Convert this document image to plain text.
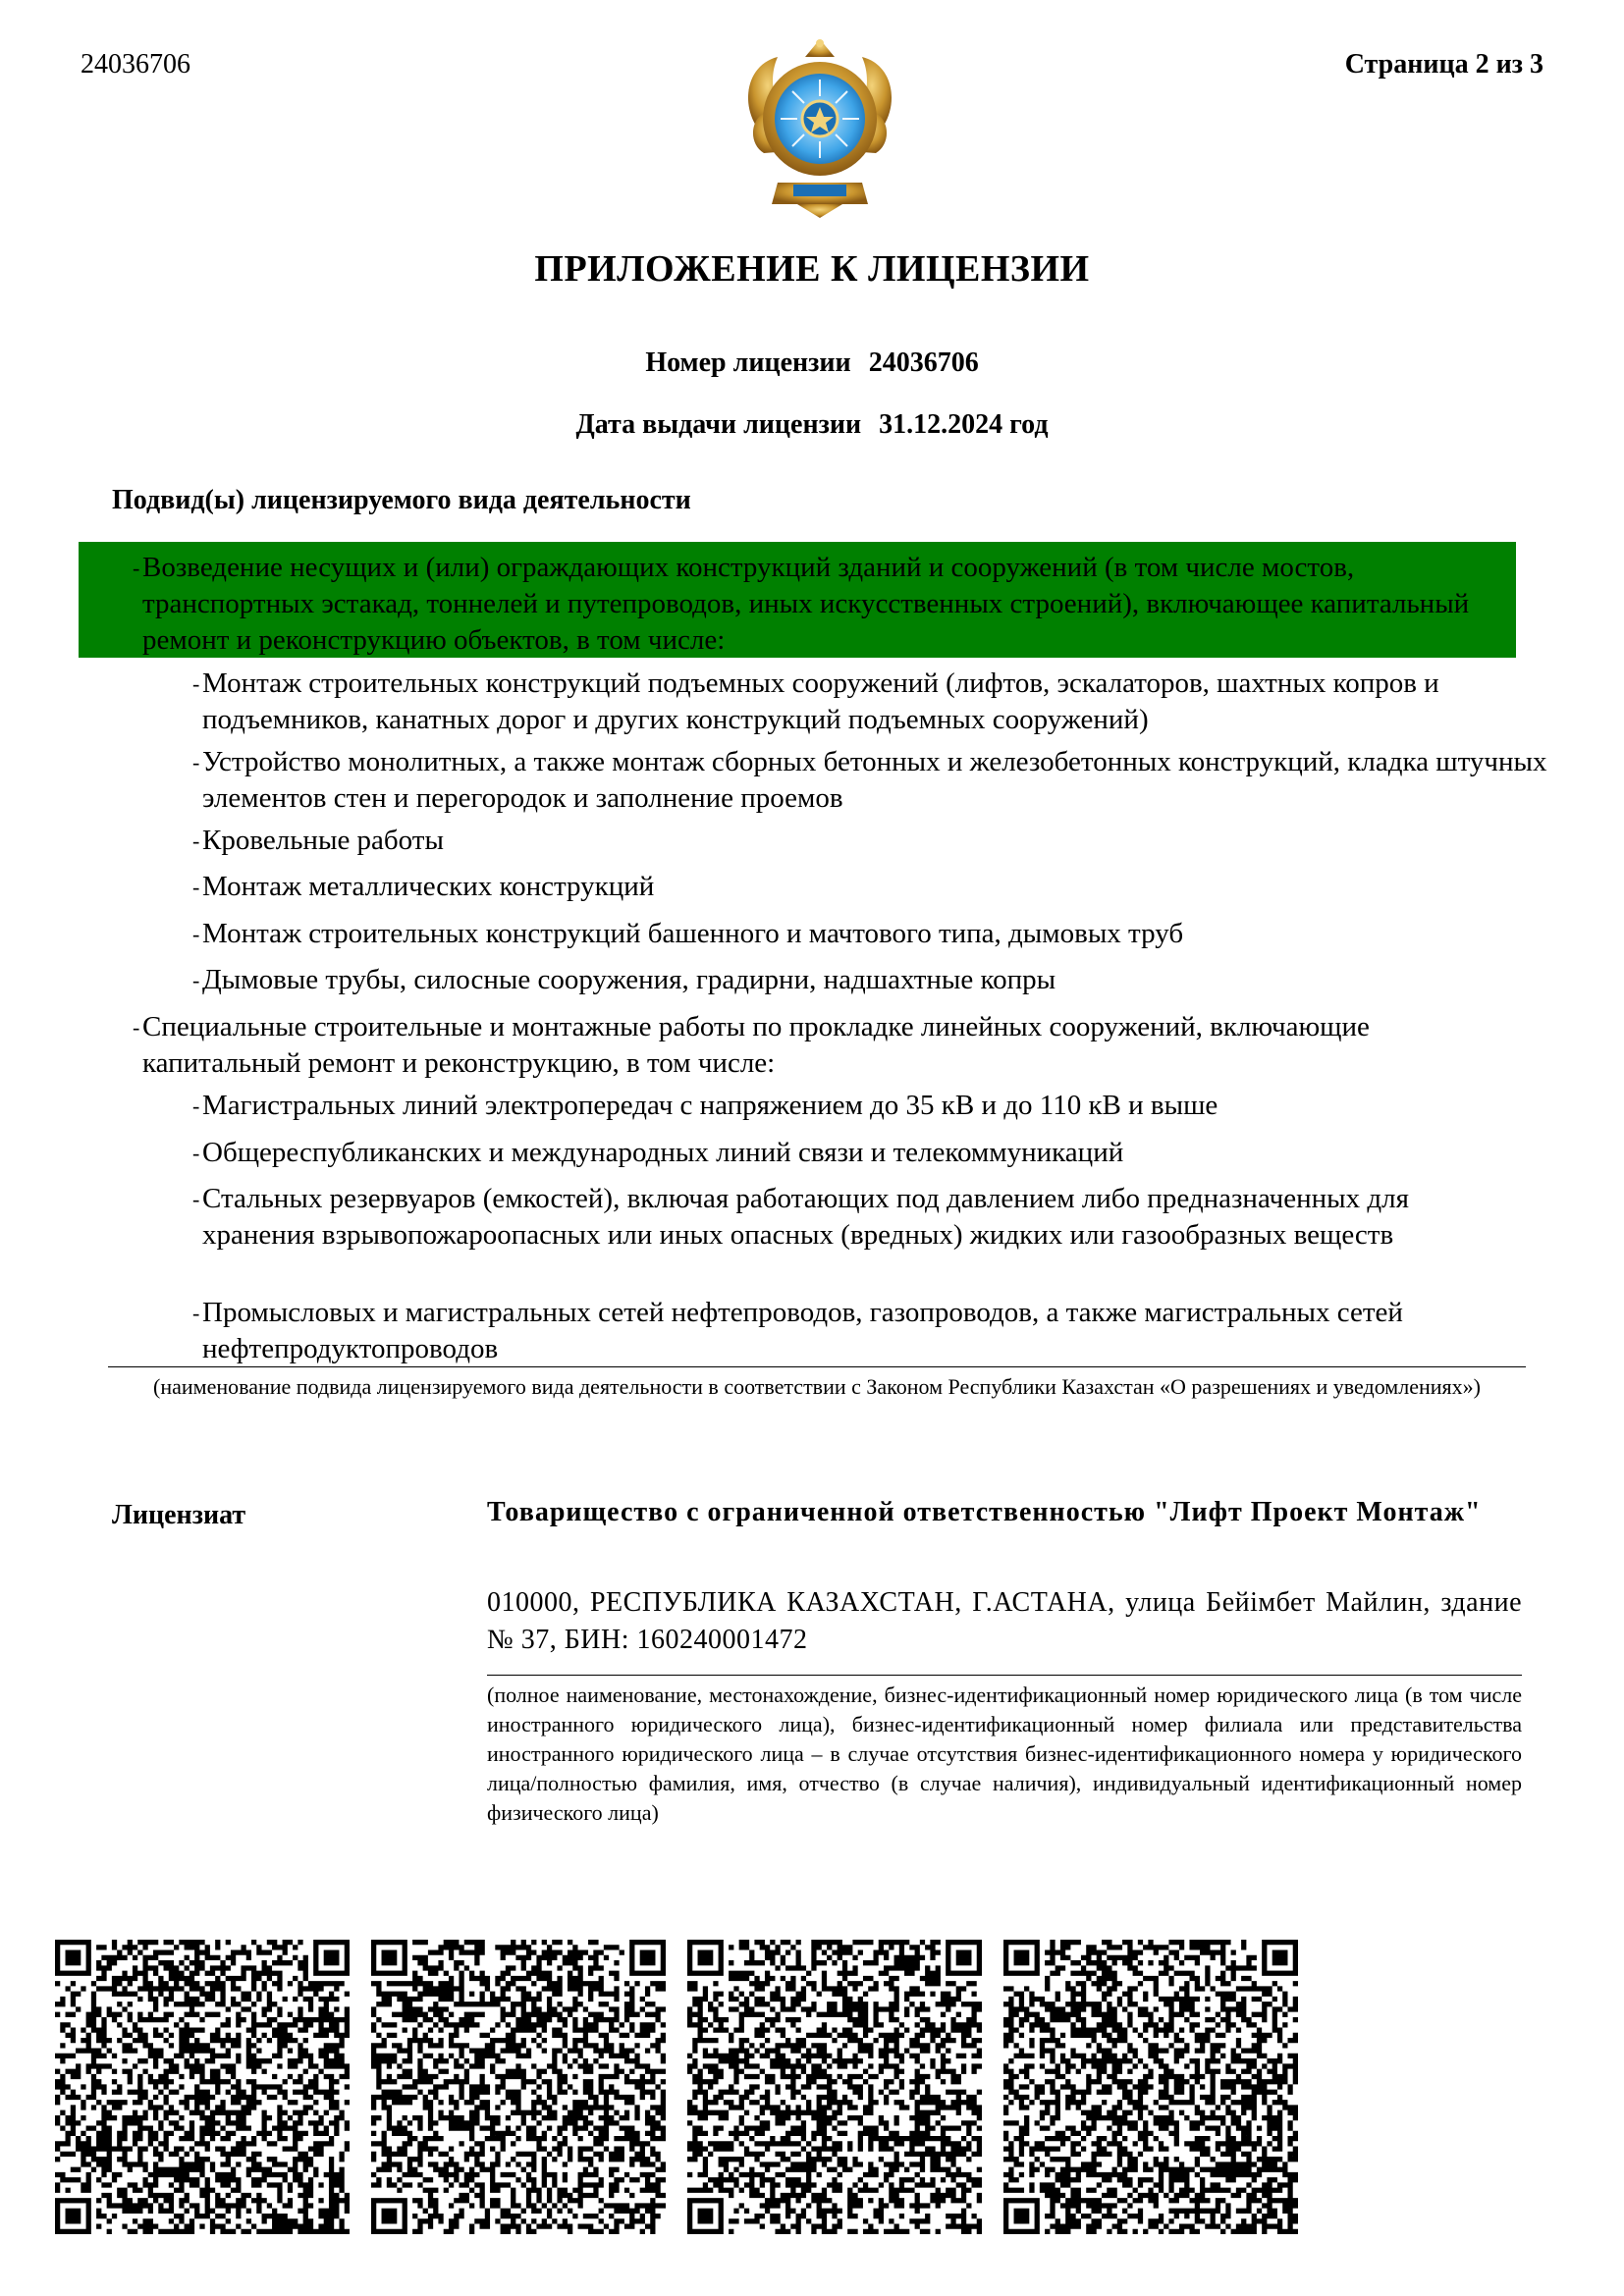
24036706	Страница 2 из 3
ПРИЛОЖЕНИЕ К ЛИЦЕНЗИИ
Номер лицензии 24036706
Дата выдачи лицензии 31.12.2024 год
Подвид(ы) лицензируемого вида деятельности
- Возведение несущих и (или) ограждающих конструкций зданий и сооружений (в том числе мостов, транспортных эстакад, тоннелей и путепроводов, иных искусственных строений), включающее капитальный ремонт и реконструкцию объектов, в том числе:
- Монтаж строительных конструкций подъемных сооружений (лифтов, эскалаторов, шахтных копров и подъемников, канатных дорог и других конструкций подъемных сооружений)
- Устройство монолитных, а также монтаж сборных бетонных и железобетонных конструкций, кладка штучных элементов стен и перегородок и заполнение проемов
- Кровельные работы
- Монтаж металлических конструкций
- Монтаж строительных конструкций башенного и мачтового типа, дымовых труб
- Дымовые трубы, силосные сооружения, градирни, надшахтные копры
- Специальные строительные и монтажные работы по прокладке линейных сооружений, включающие капитальный ремонт и реконструкцию, в том числе:
- Магистральных линий электропередач с напряжением до 35 кВ и до 110 кВ и выше
- Общереспубликанских и международных линий связи и телекоммуникаций
- Стальных резервуаров (емкостей), включая работающих под давлением либо предназначенных для хранения взрывопожароопасных или иных опасных (вредных) жидких или газообразных веществ
- Промысловых и магистральных сетей нефтепроводов, газопроводов, а также магистральных сетей нефтепродуктопроводов
(наименование подвида лицензируемого вида деятельности в соответствии с Законом Республики Казахстан «О разрешениях и уведомлениях»)
Лицензиат	Товарищество с ограниченной ответственностью "Лифт Проект Монтаж"
010000, РЕСПУБЛИКА КАЗАХСТАН, Г.АСТАНА, улица Бейімбет Майлин, здание № 37, БИН: 160240001472
(полное наименование, местонахождение, бизнес-идентификационный номер юридического лица (в том числе иностранного юридического лица), бизнес-идентификационный номер филиала или представительства иностранного юридического лица – в случае отсутствия бизнес-идентификационного номера у юридического лица/полностью фамилия, имя, отчество (в случае наличия), индивидуальный идентификационный номер физического лица)
